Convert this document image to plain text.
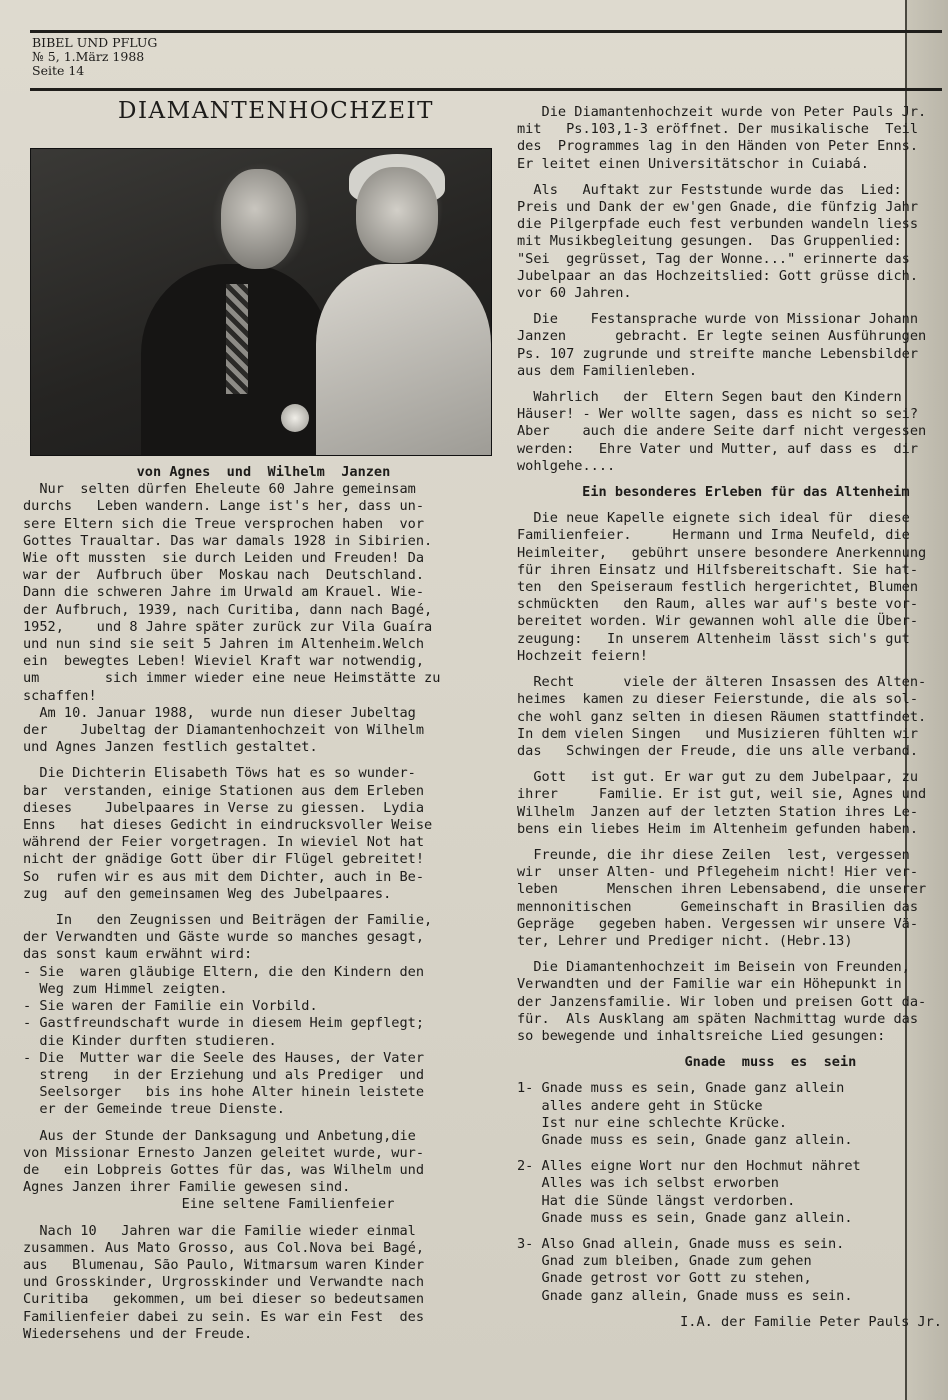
BIBEL UND PFLUG
№ 5, 1.März 1988
Seite 14
DIAMANTENHOCHZEIT
von Agnes  und  Wilhelm  Janzen
Nur  selten dürfen Eheleute 60 Jahre gemeinsam
durchs   Leben wandern. Lange ist's her, dass un-
sere Eltern sich die Treue versprochen haben  vor
Gottes Traualtar. Das war damals 1928 in Sibirien.
Wie oft mussten  sie durch Leiden und Freuden! Da
war der  Aufbruch über  Moskau nach  Deutschland.
Dann die schweren Jahre im Urwald am Krauel. Wie-
der Aufbruch, 1939, nach Curitiba, dann nach Bagé,
1952,    und 8 Jahre später zurück zur Vila Guaíra
und nun sind sie seit 5 Jahren im Altenheim.Welch
ein  bewegtes Leben! Wieviel Kraft war notwendig,
um        sich immer wieder eine neue Heimstätte zu
schaffen!
Am 10. Januar 1988,  wurde nun dieser Jubeltag
der    Jubeltag der Diamantenhochzeit von Wilhelm
und Agnes Janzen festlich gestaltet.
Die Dichterin Elisabeth Töws hat es so wunder-
bar  verstanden, einige Stationen aus dem Erleben
dieses    Jubelpaares in Verse zu giessen.  Lydia
Enns   hat dieses Gedicht in eindrucksvoller Weise
während der Feier vorgetragen. In wieviel Not hat
nicht der gnädige Gott über dir Flügel gebreitet!
So  rufen wir es aus mit dem Dichter, auch in Be-
zug  auf den gemeinsamen Weg des Jubelpaares.
In   den Zeugnissen und Beiträgen der Familie,
der Verwandten und Gäste wurde so manches gesagt,
das sonst kaum erwähnt wird:
- Sie  waren gläubige Eltern, die den Kindern den
Weg zum Himmel zeigten.
- Sie waren der Familie ein Vorbild.
- Gastfreundschaft wurde in diesem Heim gepflegt;
die Kinder durften studieren.
- Die  Mutter war die Seele des Hauses, der Vater
streng   in der Erziehung und als Prediger  und
Seelsorger   bis ins hohe Alter hinein leistete
er der Gemeinde treue Dienste.
Aus der Stunde der Danksagung und Anbetung,die
von Missionar Ernesto Janzen geleitet wurde, wur-
de   ein Lobpreis Gottes für das, was Wilhelm und
Agnes Janzen ihrer Familie gewesen sind.
Eine seltene Familienfeier
Nach 10   Jahren war die Familie wieder einmal
zusammen. Aus Mato Grosso, aus Col.Nova bei Bagé,
aus   Blumenau, São Paulo, Witmarsum waren Kinder
und Grosskinder, Urgrosskinder und Verwandte nach
Curitiba   gekommen, um bei dieser so bedeutsamen
Familienfeier dabei zu sein. Es war ein Fest  des
Wiedersehens und der Freude.
Die Diamantenhochzeit wurde von Peter Pauls Jr.
mit   Ps.103,1-3 eröffnet. Der musikalische  Teil
des  Programmes lag in den Händen von Peter Enns.
Er leitet einen Universitätschor in Cuiabá.
Als   Auftakt zur Feststunde wurde das  Lied:
Preis und Dank der ew'gen Gnade, die fünfzig Jahr
die Pilgerpfade euch fest verbunden wandeln liess
mit Musikbegleitung gesungen.  Das Gruppenlied:
"Sei  gegrüsset, Tag der Wonne..." erinnerte das
Jubelpaar an das Hochzeitslied: Gott grüsse dich.
vor 60 Jahren.
Die    Festansprache wurde von Missionar Johann
Janzen      gebracht. Er legte seinen Ausführungen
Ps. 107 zugrunde und streifte manche Lebensbilder
aus dem Familienleben.
Wahrlich   der  Eltern Segen baut den Kindern
Häuser! - Wer wollte sagen, dass es nicht so sei?
Aber    auch die andere Seite darf nicht vergessen
werden:   Ehre Vater und Mutter, auf dass es  dir
wohlgehe....
Ein besonderes Erleben für das Altenheim
Die neue Kapelle eignete sich ideal für  diese
Familienfeier.     Hermann und Irma Neufeld, die
Heimleiter,   gebührt unsere besondere Anerkennung
für ihren Einsatz und Hilfsbereitschaft. Sie hat-
ten  den Speiseraum festlich hergerichtet, Blumen
schmückten   den Raum, alles war auf's beste vor-
bereitet worden. Wir gewannen wohl alle die Über-
zeugung:   In unserem Altenheim lässt sich's gut
Hochzeit feiern!
Recht      viele der älteren Insassen des Alten-
heimes  kamen zu dieser Feierstunde, die als sol-
che wohl ganz selten in diesen Räumen stattfindet.
In dem vielen Singen   und Musizieren fühlten wir
das   Schwingen der Freude, die uns alle verband.
Gott   ist gut. Er war gut zu dem Jubelpaar, zu
ihrer     Familie. Er ist gut, weil sie, Agnes und
Wilhelm  Janzen auf der letzten Station ihres Le-
bens ein liebes Heim im Altenheim gefunden haben.
Freunde, die ihr diese Zeilen  lest, vergessen
wir  unser Alten- und Pflegeheim nicht! Hier ver-
leben      Menschen ihren Lebensabend, die unserer
mennonitischen      Gemeinschaft in Brasilien das
Gepräge   gegeben haben. Vergessen wir unsere Vä-
ter, Lehrer und Prediger nicht. (Hebr.13)
Die Diamantenhochzeit im Beisein von Freunden,
Verwandten und der Familie war ein Höhepunkt in
der Janzensfamilie. Wir loben und preisen Gott da-
für.  Als Ausklang am späten Nachmittag wurde das
so bewegende und inhaltsreiche Lied gesungen:
Gnade  muss  es  sein
1- Gnade muss es sein, Gnade ganz allein
alles andere geht in Stücke
Ist nur eine schlechte Krücke.
Gnade muss es sein, Gnade ganz allein.
2- Alles eigne Wort nur den Hochmut nähret
Alles was ich selbst erworben
Hat die Sünde längst verdorben.
Gnade muss es sein, Gnade ganz allein.
3- Also Gnad allein, Gnade muss es sein.
Gnad zum bleiben, Gnade zum gehen
Gnade getrost vor Gott zu stehen,
Gnade ganz allein, Gnade muss es sein.
I.A. der Familie Peter Pauls Jr.
